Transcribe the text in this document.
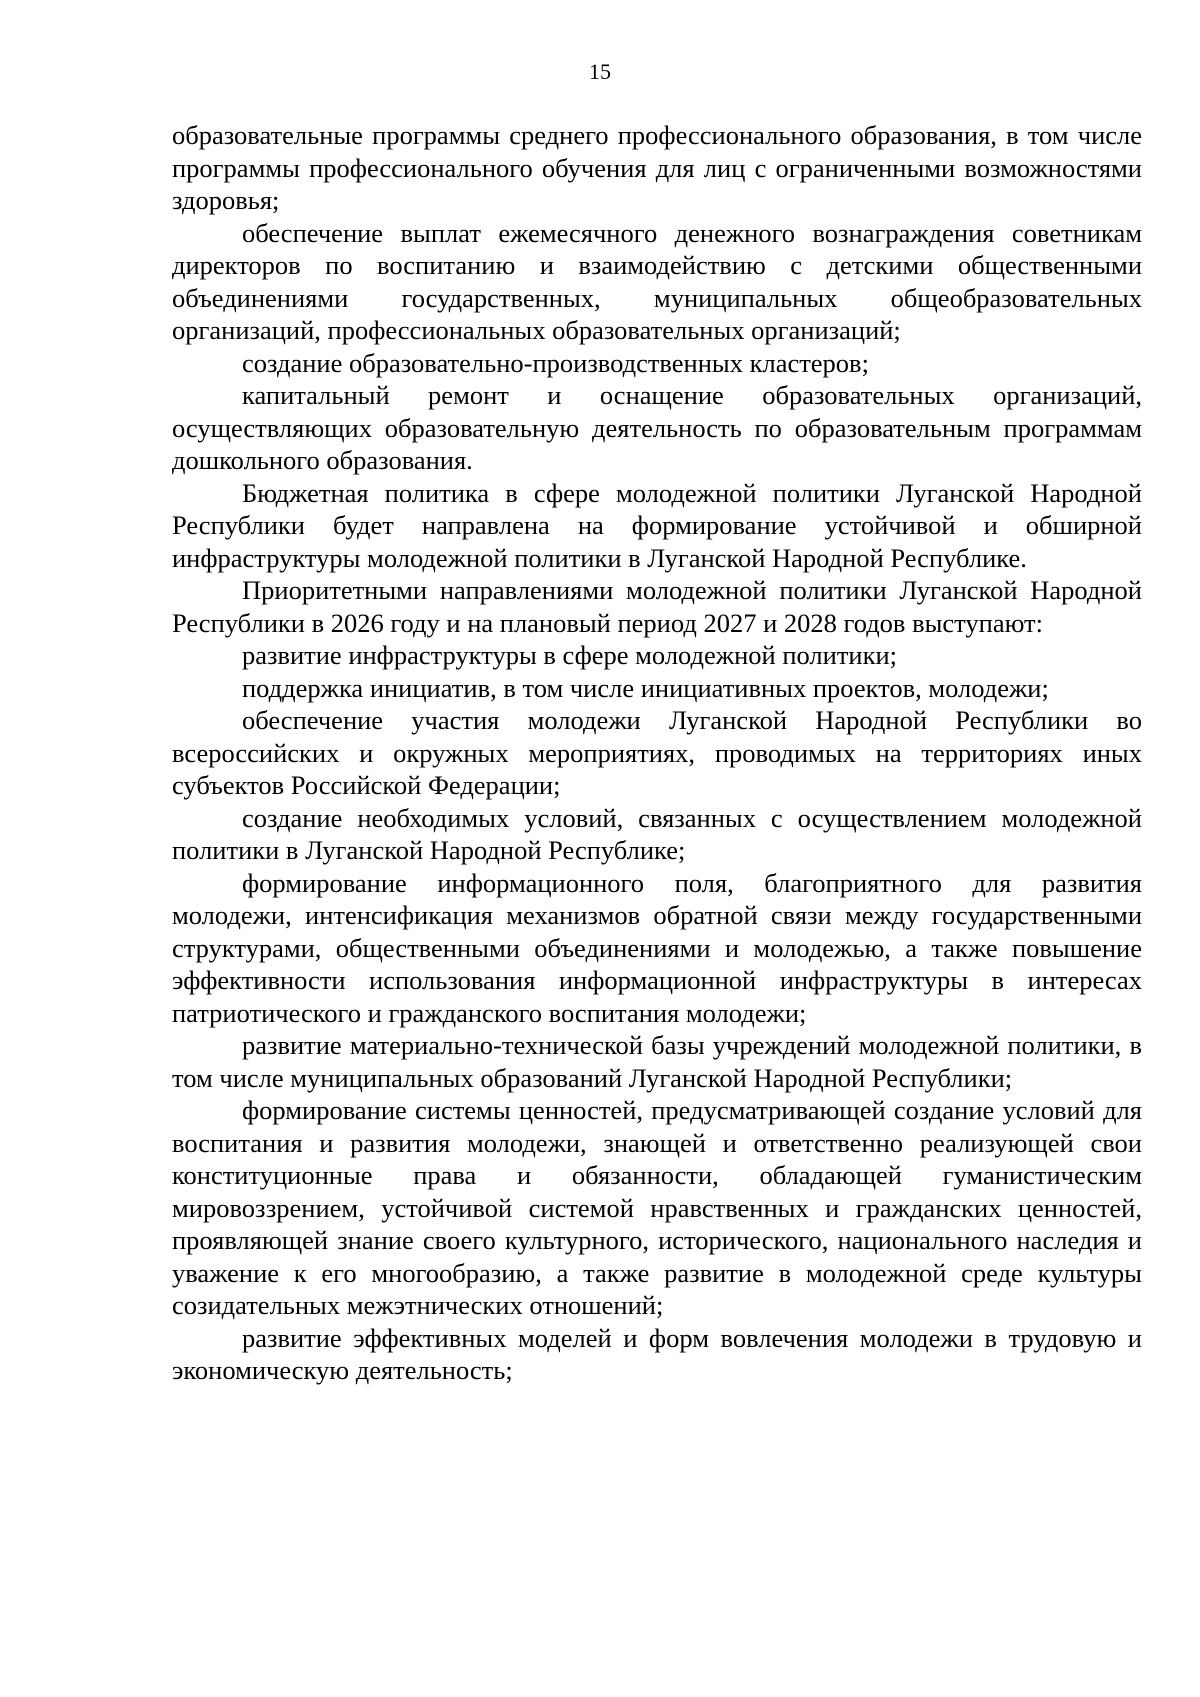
15

образовательные программы среднего профессионального образования, в том числе программы профессионального обучения для лиц с ограниченными возможностями здоровья;

обеспечение выплат ежемесячного денежного вознаграждения советникам директоров по воспитанию и взаимодействию с детскими общественными объединениями государственных, муниципальных общеобразовательных организаций, профессиональных образовательных организаций;

создание образовательно-производственных кластеров;

капитальный ремонт и оснащение образовательных организаций, осуществляющих образовательную деятельность по образовательным программам дошкольного образования.

Бюджетная политика в сфере молодежной политики Луганской Народной Республики будет направлена на формирование устойчивой и обширной инфраструктуры молодежной политики в Луганской Народной Республике.

Приоритетными направлениями молодежной политики Луганской Народной Республики в 2026 году и на плановый период 2027 и 2028 годов выступают:

развитие инфраструктуры в сфере молодежной политики;

поддержка инициатив, в том числе инициативных проектов, молодежи;

обеспечение участия молодежи Луганской Народной Республики во всероссийских и окружных мероприятиях, проводимых на территориях иных субъектов Российской Федерации;

создание необходимых условий, связанных с осуществлением молодежной политики в Луганской Народной Республике;

формирование информационного поля, благоприятного для развития молодежи, интенсификация механизмов обратной связи между государственными структурами, общественными объединениями и молодежью, а также повышение эффективности использования информационной инфраструктуры в интересах патриотического и гражданского воспитания молодежи;

развитие материально-технической базы учреждений молодежной политики, в том числе муниципальных образований Луганской Народной Республики;

формирование системы ценностей, предусматривающей создание условий для воспитания и развития молодежи, знающей и ответственно реализующей свои конституционные права и обязанности, обладающей гуманистическим мировоззрением, устойчивой системой нравственных и гражданских ценностей, проявляющей знание своего культурного, исторического, национального наследия и уважение к его многообразию, а также развитие в молодежной среде культуры созидательных межэтнических отношений;

развитие эффективных моделей и форм вовлечения молодежи в трудовую и экономическую деятельность;
